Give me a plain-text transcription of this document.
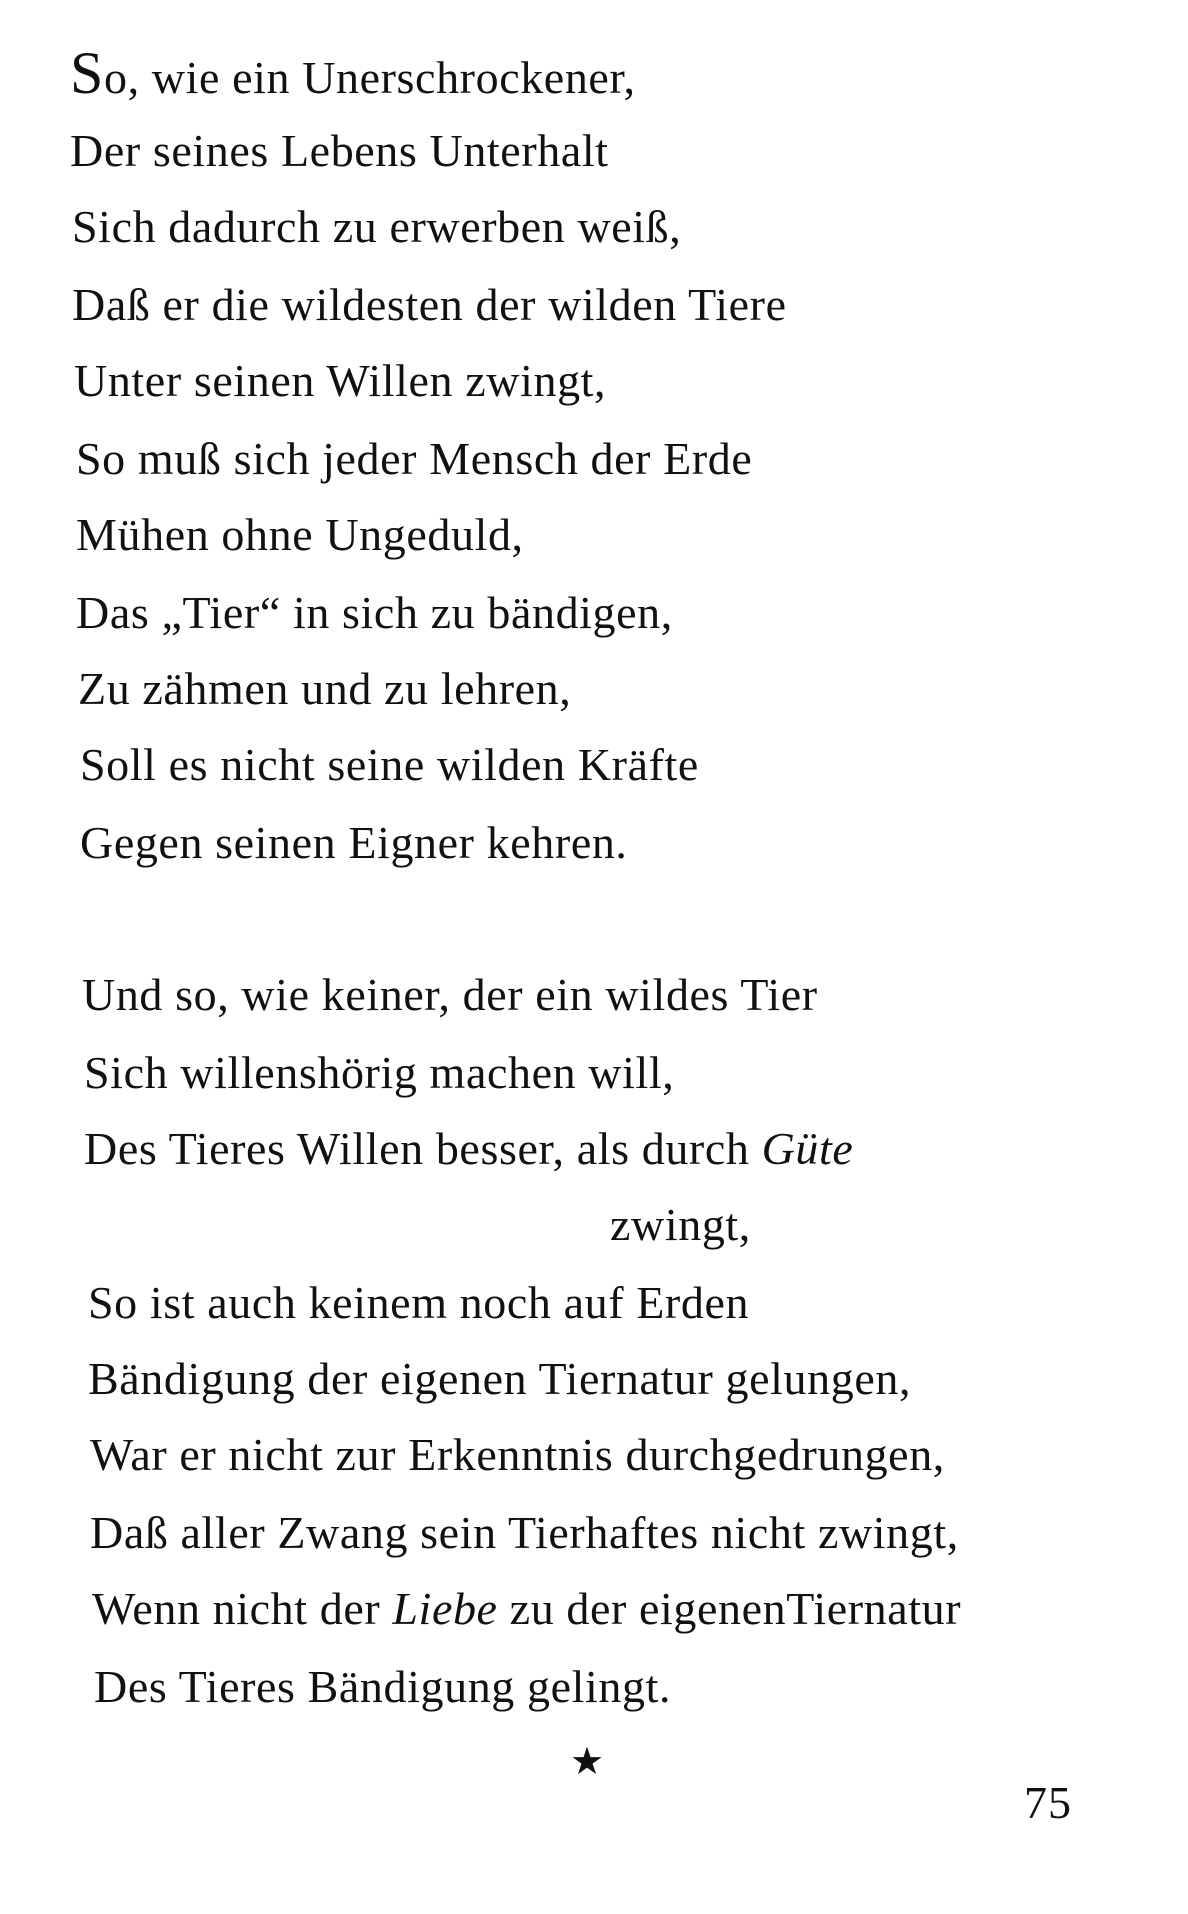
So, wie ein Unerschrockener,
Der seines Lebens Unterhalt
Sich dadurch zu erwerben weiß,
Daß er die wildesten der wilden Tiere
Unter seinen Willen zwingt,
So muß sich jeder Mensch der Erde
Mühen ohne Ungeduld,
Das „Tier“ in sich zu bändigen,
Zu zähmen und zu lehren,
Soll es nicht seine wilden Kräfte
Gegen seinen Eigner kehren.
Und so, wie keiner, der ein wildes Tier
Sich willenshörig machen will,
Des Tieres Willen besser, als durch Güte
zwingt,
So ist auch keinem noch auf Erden
Bändigung der eigenen Tiernatur gelungen,
War er nicht zur Erkenntnis durchgedrungen,
Daß aller Zwang sein Tierhaftes nicht zwingt,
Wenn nicht der Liebe zu der eigenenTiernatur
Des Tieres Bändigung gelingt.
★
75
